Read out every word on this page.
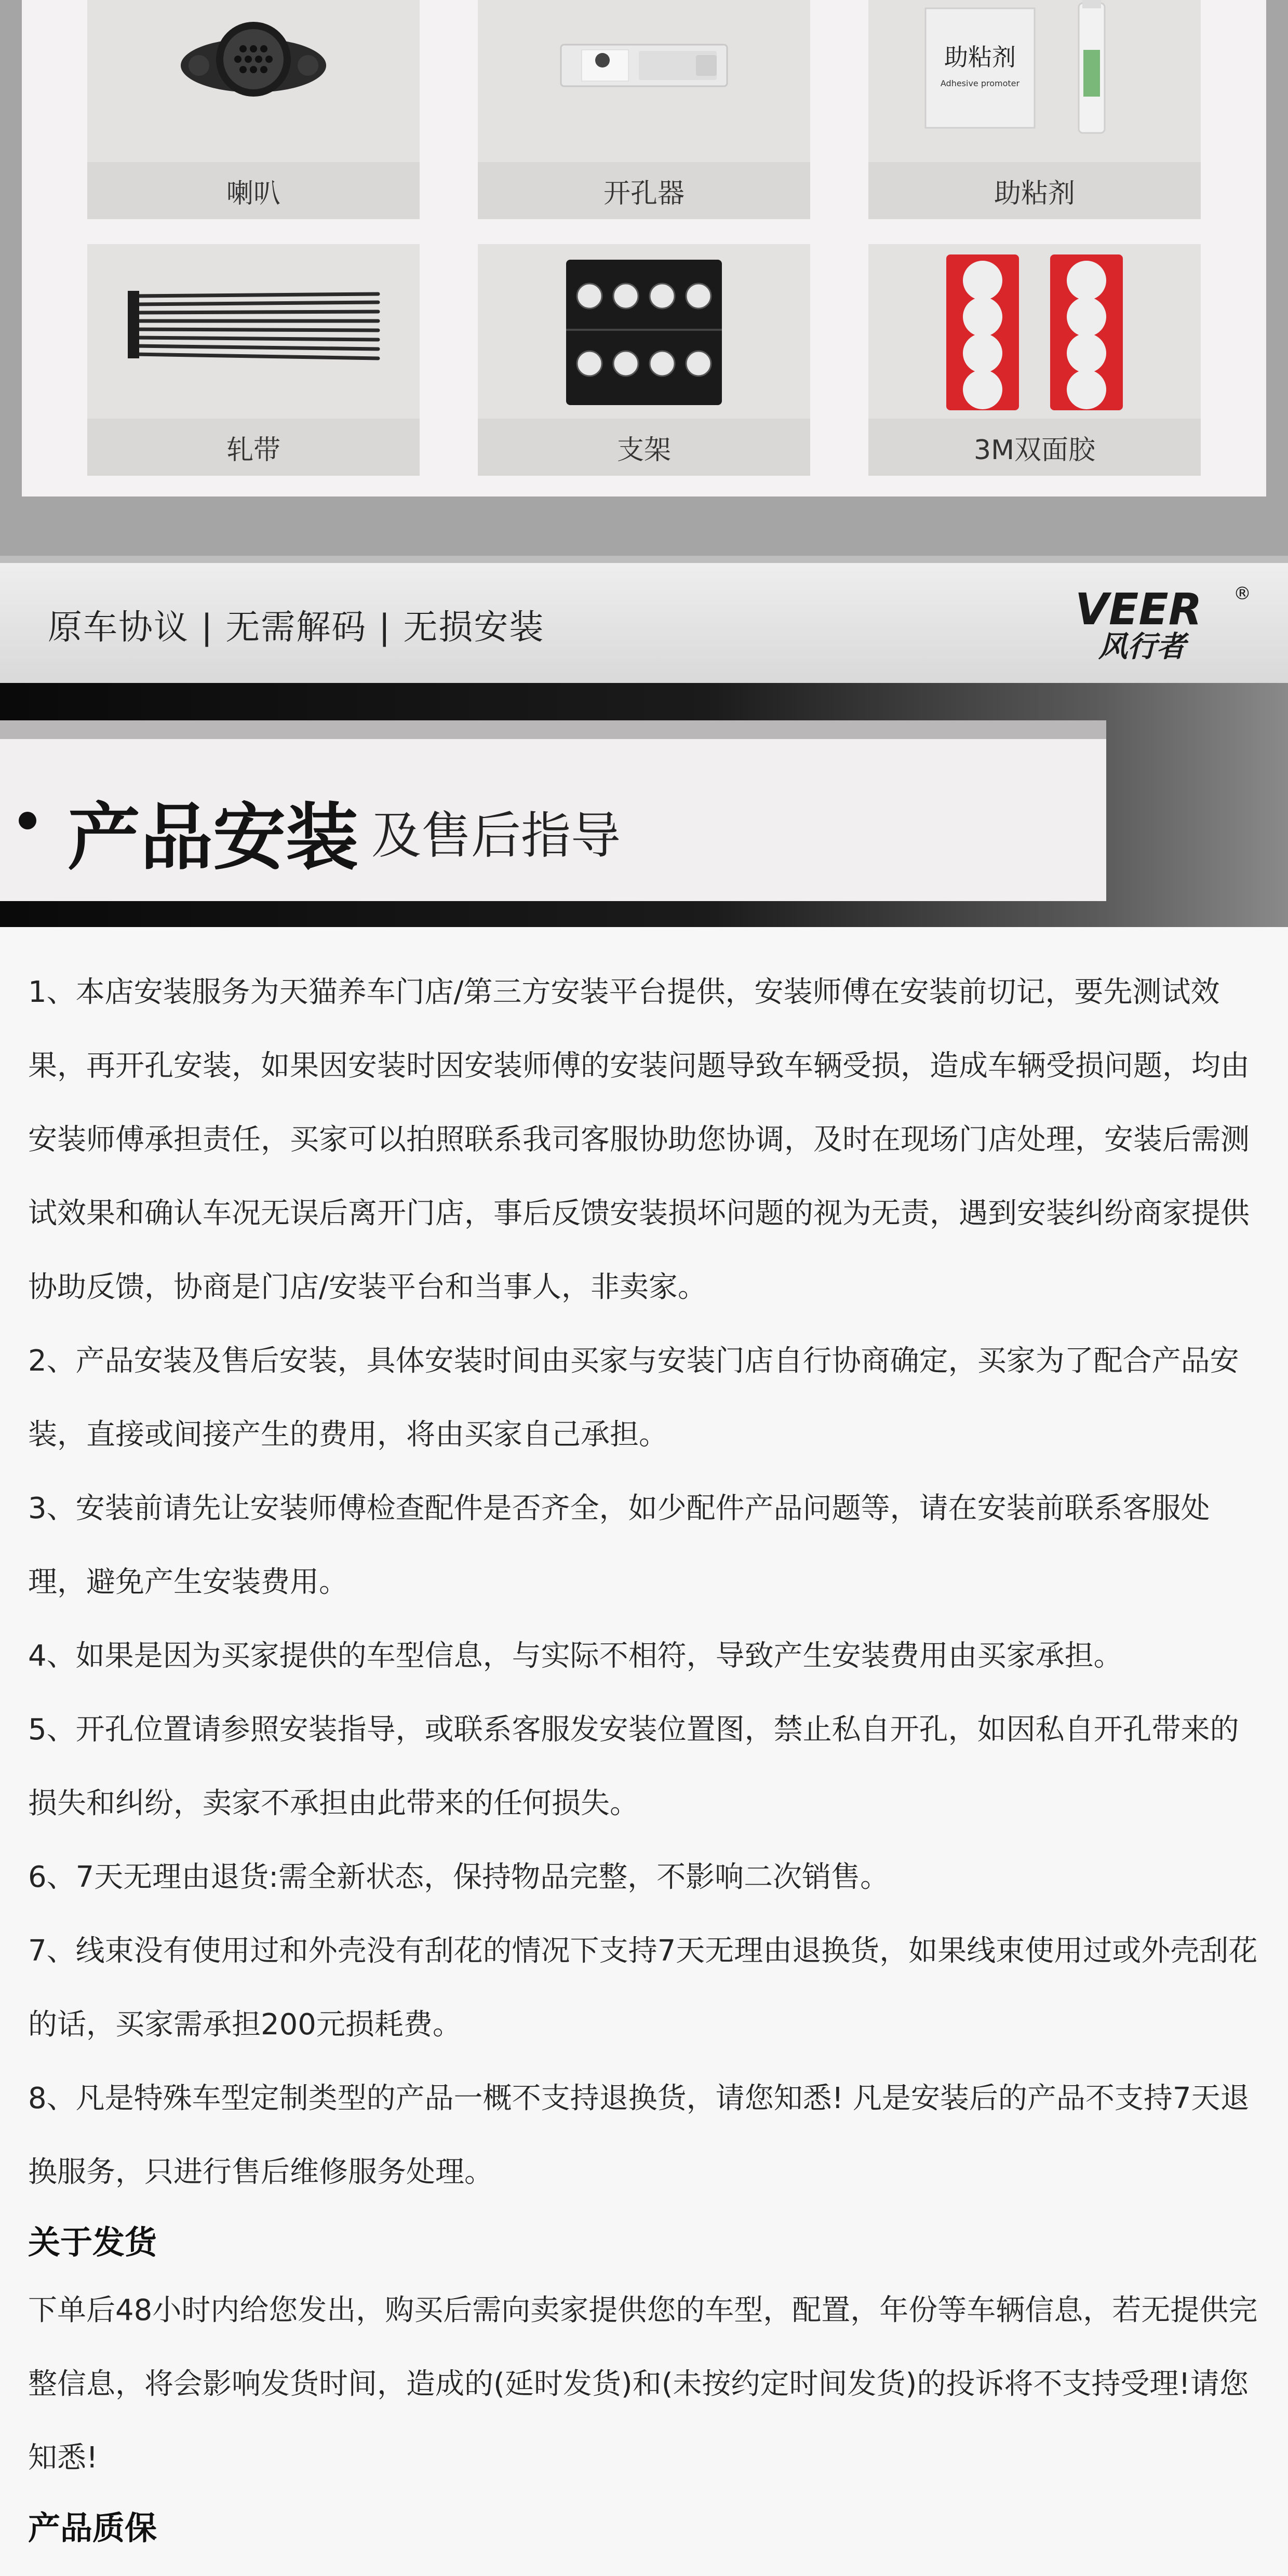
喇叭	开孔器
助粘剂
Adhesive promoter
助粘剂
轧带	支架	3M双面胶
原车协议 | 无需解码 | 无损安装	VEER ®
风行者
产品安装 及售后指导

1、本店安装服务为天猫养车门店/第三方安装平台提供，安装师傅在安装前切记，要先测试效果，再开孔安装，如果因安装时因安装师傅的安装问题导致车辆受损，造成车辆受损问题，均由安装师傅承担责任，买家可以拍照联系我司客服协助您协调，及时在现场门店处理，安装后需测试效果和确认车况无误后离开门店，事后反馈安装损坏问题的视为无责，遇到安装纠纷商家提供协助反馈，协商是门店/安装平台和当事人，非卖家。

2、产品安装及售后安装，具体安装时间由买家与安装门店自行协商确定，买家为了配合产品安装，直接或间接产生的费用，将由买家自己承担。

3、安装前请先让安装师傅检查配件是否齐全，如少配件产品问题等，请在安装前联系客服处理，避免产生安装费用。

4、如果是因为买家提供的车型信息，与实际不相符，导致产生安装费用由买家承担。

5、开孔位置请参照安装指导，或联系客服发安装位置图，禁止私自开孔，如因私自开孔带来的损失和纠纷，卖家不承担由此带来的任何损失。

6、7天无理由退货:需全新状态，保持物品完整，不影响二次销售。

7、线束没有使用过和外壳没有刮花的情况下支持7天无理由退换货，如果线束使用过或外壳刮花的话，买家需承担200元损耗费。

8、凡是特殊车型定制类型的产品一概不支持退换货，请您知悉! 凡是安装后的产品不支持7天退换服务，只进行售后维修服务处理。

关于发货

下单后48小时内给您发出，购买后需向卖家提供您的车型，配置，年份等车辆信息，若无提供完整信息，将会影响发货时间，造成的(延时发货)和(未按约定时间发货)的投诉将不支持受理!请您知悉!

产品质保
